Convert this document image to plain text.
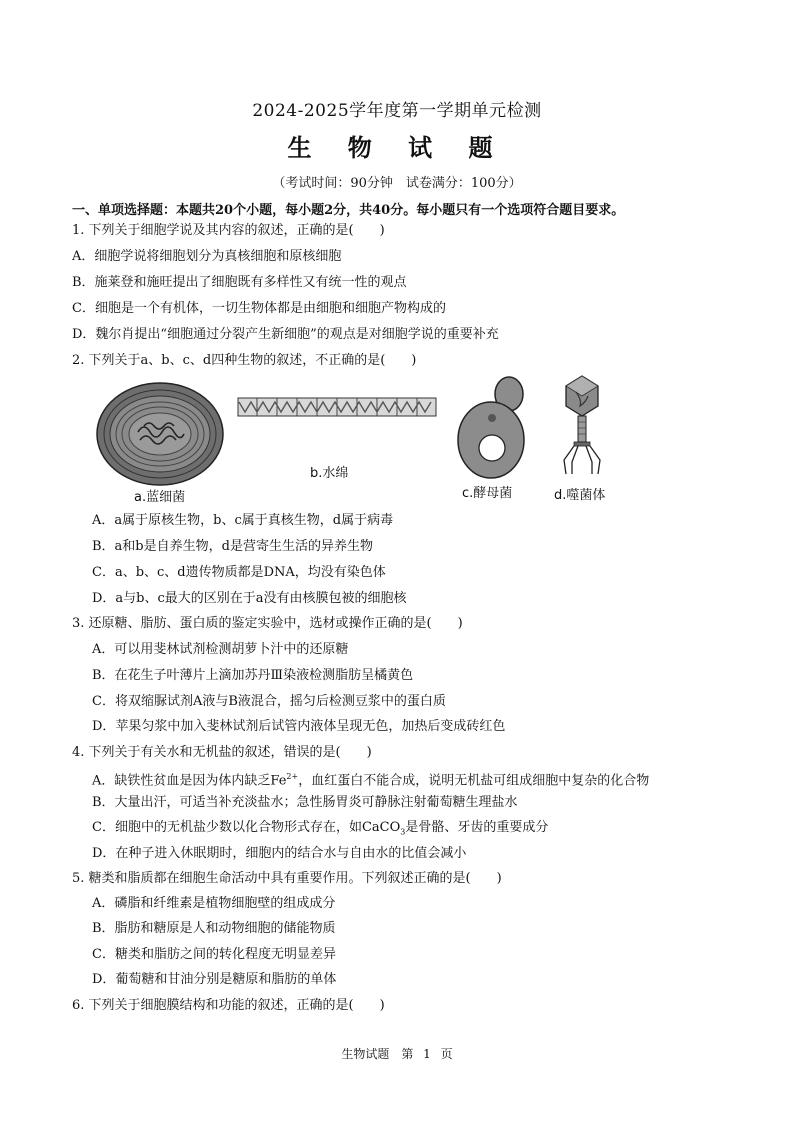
2024-2025学年度第一学期单元检测
生 物 试 题
（考试时间：90分钟　试卷满分：100分）
一、单项选择题：本题共20个小题，每小题2分，共40分。每小题只有一个选项符合题目要求。
1. 下列关于细胞学说及其内容的叙述，正确的是(　　)
A．细胞学说将细胞划分为真核细胞和原核细胞
B．施莱登和施旺提出了细胞既有多样性又有统一性的观点
C．细胞是一个有机体，一切生物体都是由细胞和细胞产物构成的
D．魏尔肖提出“细胞通过分裂产生新细胞”的观点是对细胞学说的重要补充
2. 下列关于a、b、c、d四种生物的叙述，不正确的是(　　)
a.蓝细菌
b.水绵
c.酵母菌	d.噬菌体
A．a属于原核生物，b、c属于真核生物，d属于病毒
B．a和b是自养生物，d是营寄生生活的异养生物
C．a、b、c、d遗传物质都是DNA，均没有染色体
D．a与b、c最大的区别在于a没有由核膜包被的细胞核
3. 还原糖、脂肪、蛋白质的鉴定实验中，选材或操作正确的是(　　)
A．可以用斐林试剂检测胡萝卜汁中的还原糖
B．在花生子叶薄片上滴加苏丹Ⅲ染液检测脂肪呈橘黄色
C．将双缩脲试剂A液与B液混合，摇匀后检测豆浆中的蛋白质
D．苹果匀浆中加入斐林试剂后试管内液体呈现无色，加热后变成砖红色
4. 下列关于有关水和无机盐的叙述，错误的是(　　)
A．缺铁性贫血是因为体内缺乏$Fe^{2+}$，血红蛋白不能合成，说明无机盐可组成细胞中复杂的化合物
B．大量出汗，可适当补充淡盐水；急性肠胃炎可静脉注射葡萄糖生理盐水
C．细胞中的无机盐少数以化合物形式存在，如CaCO$_3$是骨骼、牙齿的重要成分
D．在种子进入休眠期时，细胞内的结合水与自由水的比值会减小
5. 糖类和脂质都在细胞生命活动中具有重要作用。下列叙述正确的是(　　)
A．磷脂和纤维素是植物细胞壁的组成成分
B．脂肪和糖原是人和动物细胞的储能物质
C．糖类和脂肪之间的转化程度无明显差异
D．葡萄糖和甘油分别是糖原和脂肪的单体
6. 下列关于细胞膜结构和功能的叙述，正确的是(　　)
生物试题　第 1 页
